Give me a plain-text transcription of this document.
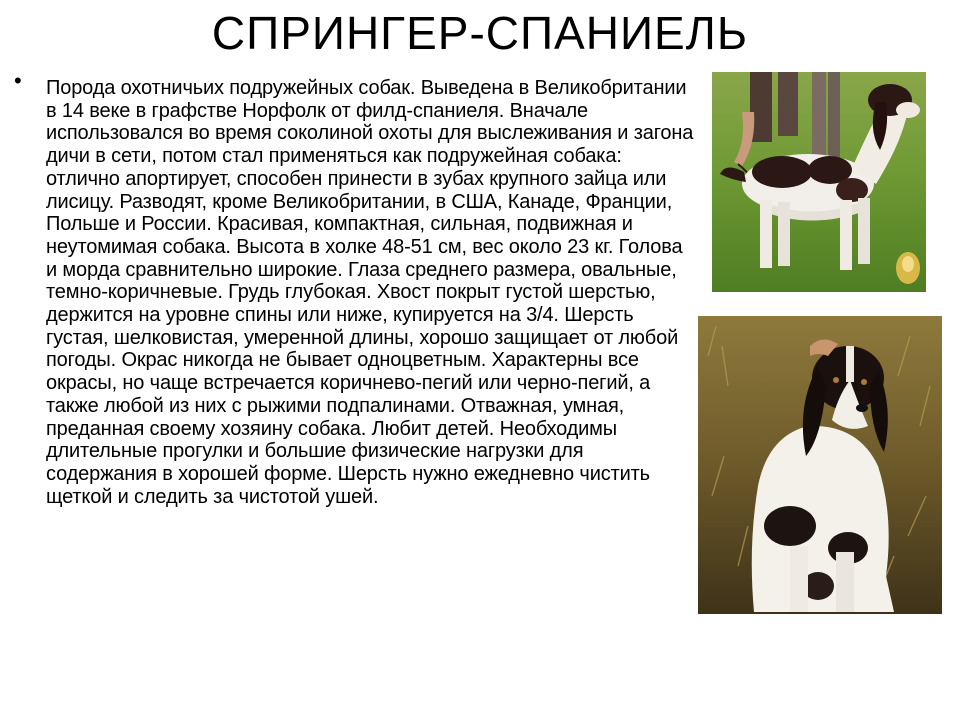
СПРИНГЕР-СПАНИЕЛЬ
• Порода охотничьих подружейных собак. Выведена в Великобритании в 14 веке в графстве Норфолк от филд-спаниеля. Вначале использовался во время соколиной охоты для выслеживания и загона дичи в сети, потом стал применяться как подружейная собака: отлично апортирует, способен принести в зубах крупного зайца или лисицу. Разводят, кроме Великобритании, в США, Канаде, Франции, Польше и России. Красивая, компактная, сильная, подвижная и неутомимая собака. Высота в холке 48-51 см, вес около 23 кг. Голова и морда сравнительно широкие. Глаза среднего размера, овальные, темно-коричневые. Грудь глубокая. Хвост покрыт густой шерстью, держится на уровне спины или ниже, купируется на 3/4. Шерсть густая, шелковистая, умеренной длины, хорошо защищает от любой погоды. Окрас никогда не бывает одноцветным. Характерны все окрасы, но чаще встречается коричнево-пегий или черно-пегий, а также любой из них с рыжими подпалинами. Отважная, умная, преданная своему хозяину собака. Любит детей. Необходимы длительные прогулки и большие физические нагрузки для содержания в хорошей форме. Шерсть нужно ежедневно чистить щеткой и следить за чистотой ушей.
